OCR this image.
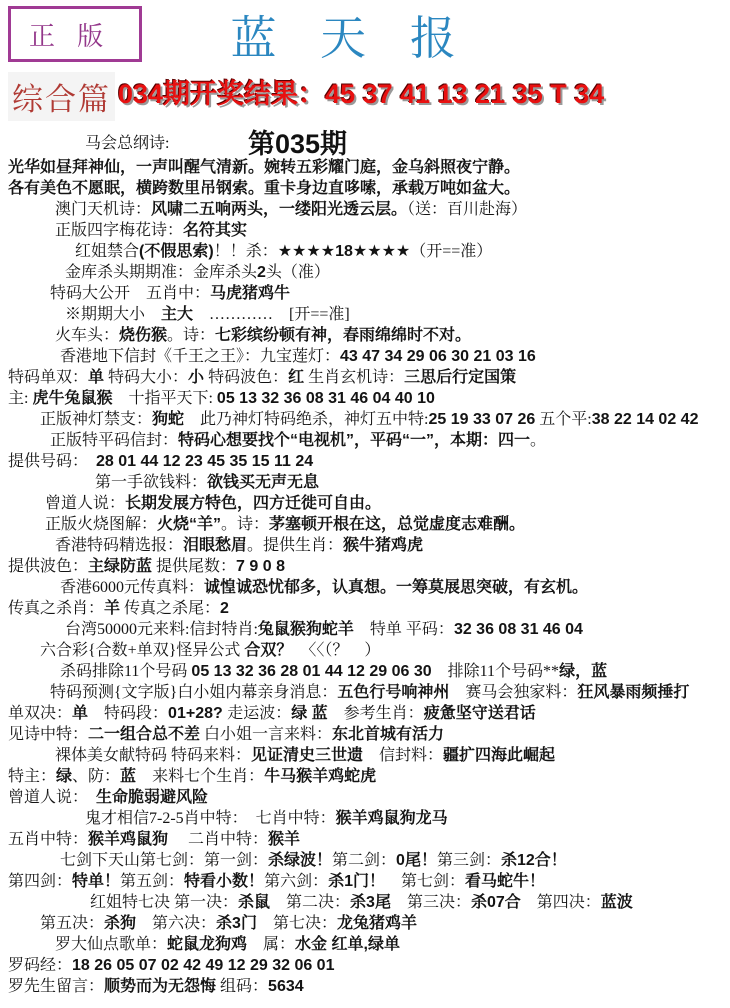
正版	蓝天报
综合篇 034期开奖结果：45 37 41 13 21 35 T 34
马会总纲诗:	第035期
光华如昼拜神仙，一声叫醒气清新。婉转五彩耀门庭，金乌斜照夜宁静。
各有美色不愿眠，横跨数里吊钢索。重卡身边直哆嗦，承载万吨如盆大。
澳门天机诗：风啸二五响两头，一缕阳光透云层。（送：百川赴海）
正版四字梅花诗：名符其实
红姐禁合(不假思索)！！杀：★★★★18★★★★（开==准）
金库杀头期期准：金库杀头2头（准）
特码大公开　五肖中：马虎猪鸡牛
※期期大小　主大　…………　[开==准]
火车头：烧伤猴。诗：七彩缤纷顿有神，春雨绵绵时不对。
香港地下信封《千王之王》：九宝莲灯：43 47 34 29 06 30 21 03 16
特码单双：单 特码大小：小 特码波色：红 生肖玄机诗：三思后行定国策
主: 虎牛兔鼠猴　十指平天下: 05 13 32 36 08 31 46 04 40 10
正版神灯禁支：狗蛇　此乃神灯特码绝杀，神灯五中特:25 19 33 07 26 五个平:38 22 14 02 42
正版特平码信封：特码心想要找个“电视机”，平码“一”，本期：四一。
提供号码：　28 01 44 12 23 45 35 15 11 24
第一手欲钱料：欲钱买无声无息
曾道人说：长期发展方特色，四方迁徙可自由。
正版火烧图解：火烧“羊”。诗：茅塞顿开根在这，总觉虚度志难酬。
香港特码精选报：泪眼愁眉。提供生肖：猴牛猪鸡虎
提供波色：主绿防蓝 提供尾数：7 9 0 8
香港6000元传真料：诚惶诚恐忧郁多，认真想。一筹莫展思突破，有玄机。
传真之杀肖：羊 传真之杀尾：2
台湾50000元来料:信封特肖:兔鼠猴狗蛇羊　特单 平码：32 36 08 31 46 04
六合彩{合数+单双}怪异公式 合双？　〈〈（？　）
杀码排除11个号码 05 13 32 36 28 01 44 12 29 06 30　排除11个号码**绿，蓝
特码预测{文字版}白小姐内幕亲身消息：五色行号响神州　赛马会独家料：狂风暴雨频捶打
单双决：单　特码段：01+28? 走运波：绿 蓝　参考生肖：疲惫坚守送君话
见诗中特：二一组合总不差 白小姐一言来料：东北首城有活力
裸体美女献特码 特码来料：见证清史三世遗　信封料：疆扩四海此崛起
特主：绿、防：蓝　来料七个生肖：牛马猴羊鸡蛇虎
曾道人说：　生命脆弱避风险
鬼才相信7-2-5肖中特：　七肖中特：猴羊鸡鼠狗龙马
五肖中特：猴羊鸡鼠狗 　二肖中特：猴羊
七剑下天山第七剑：第一剑：杀绿波！第二剑：0尾！第三剑：杀12合！
第四剑：特单！第五剑：特看小数！第六剑：杀1门！　第七剑：看马蛇牛！
红姐特七决 第一决：杀鼠　第二决：杀3尾　第三决：杀07合　第四决：蓝波
第五决：杀狗　第六决：杀3门　第七决：龙兔猪鸡羊
罗大仙点歌单：蛇鼠龙狗鸡　属：水金 红单,绿单
罗码经：18 26 05 07 02 42 49 12 29 32 06 01
罗先生留言：顺势而为无怨悔 组码：5634
